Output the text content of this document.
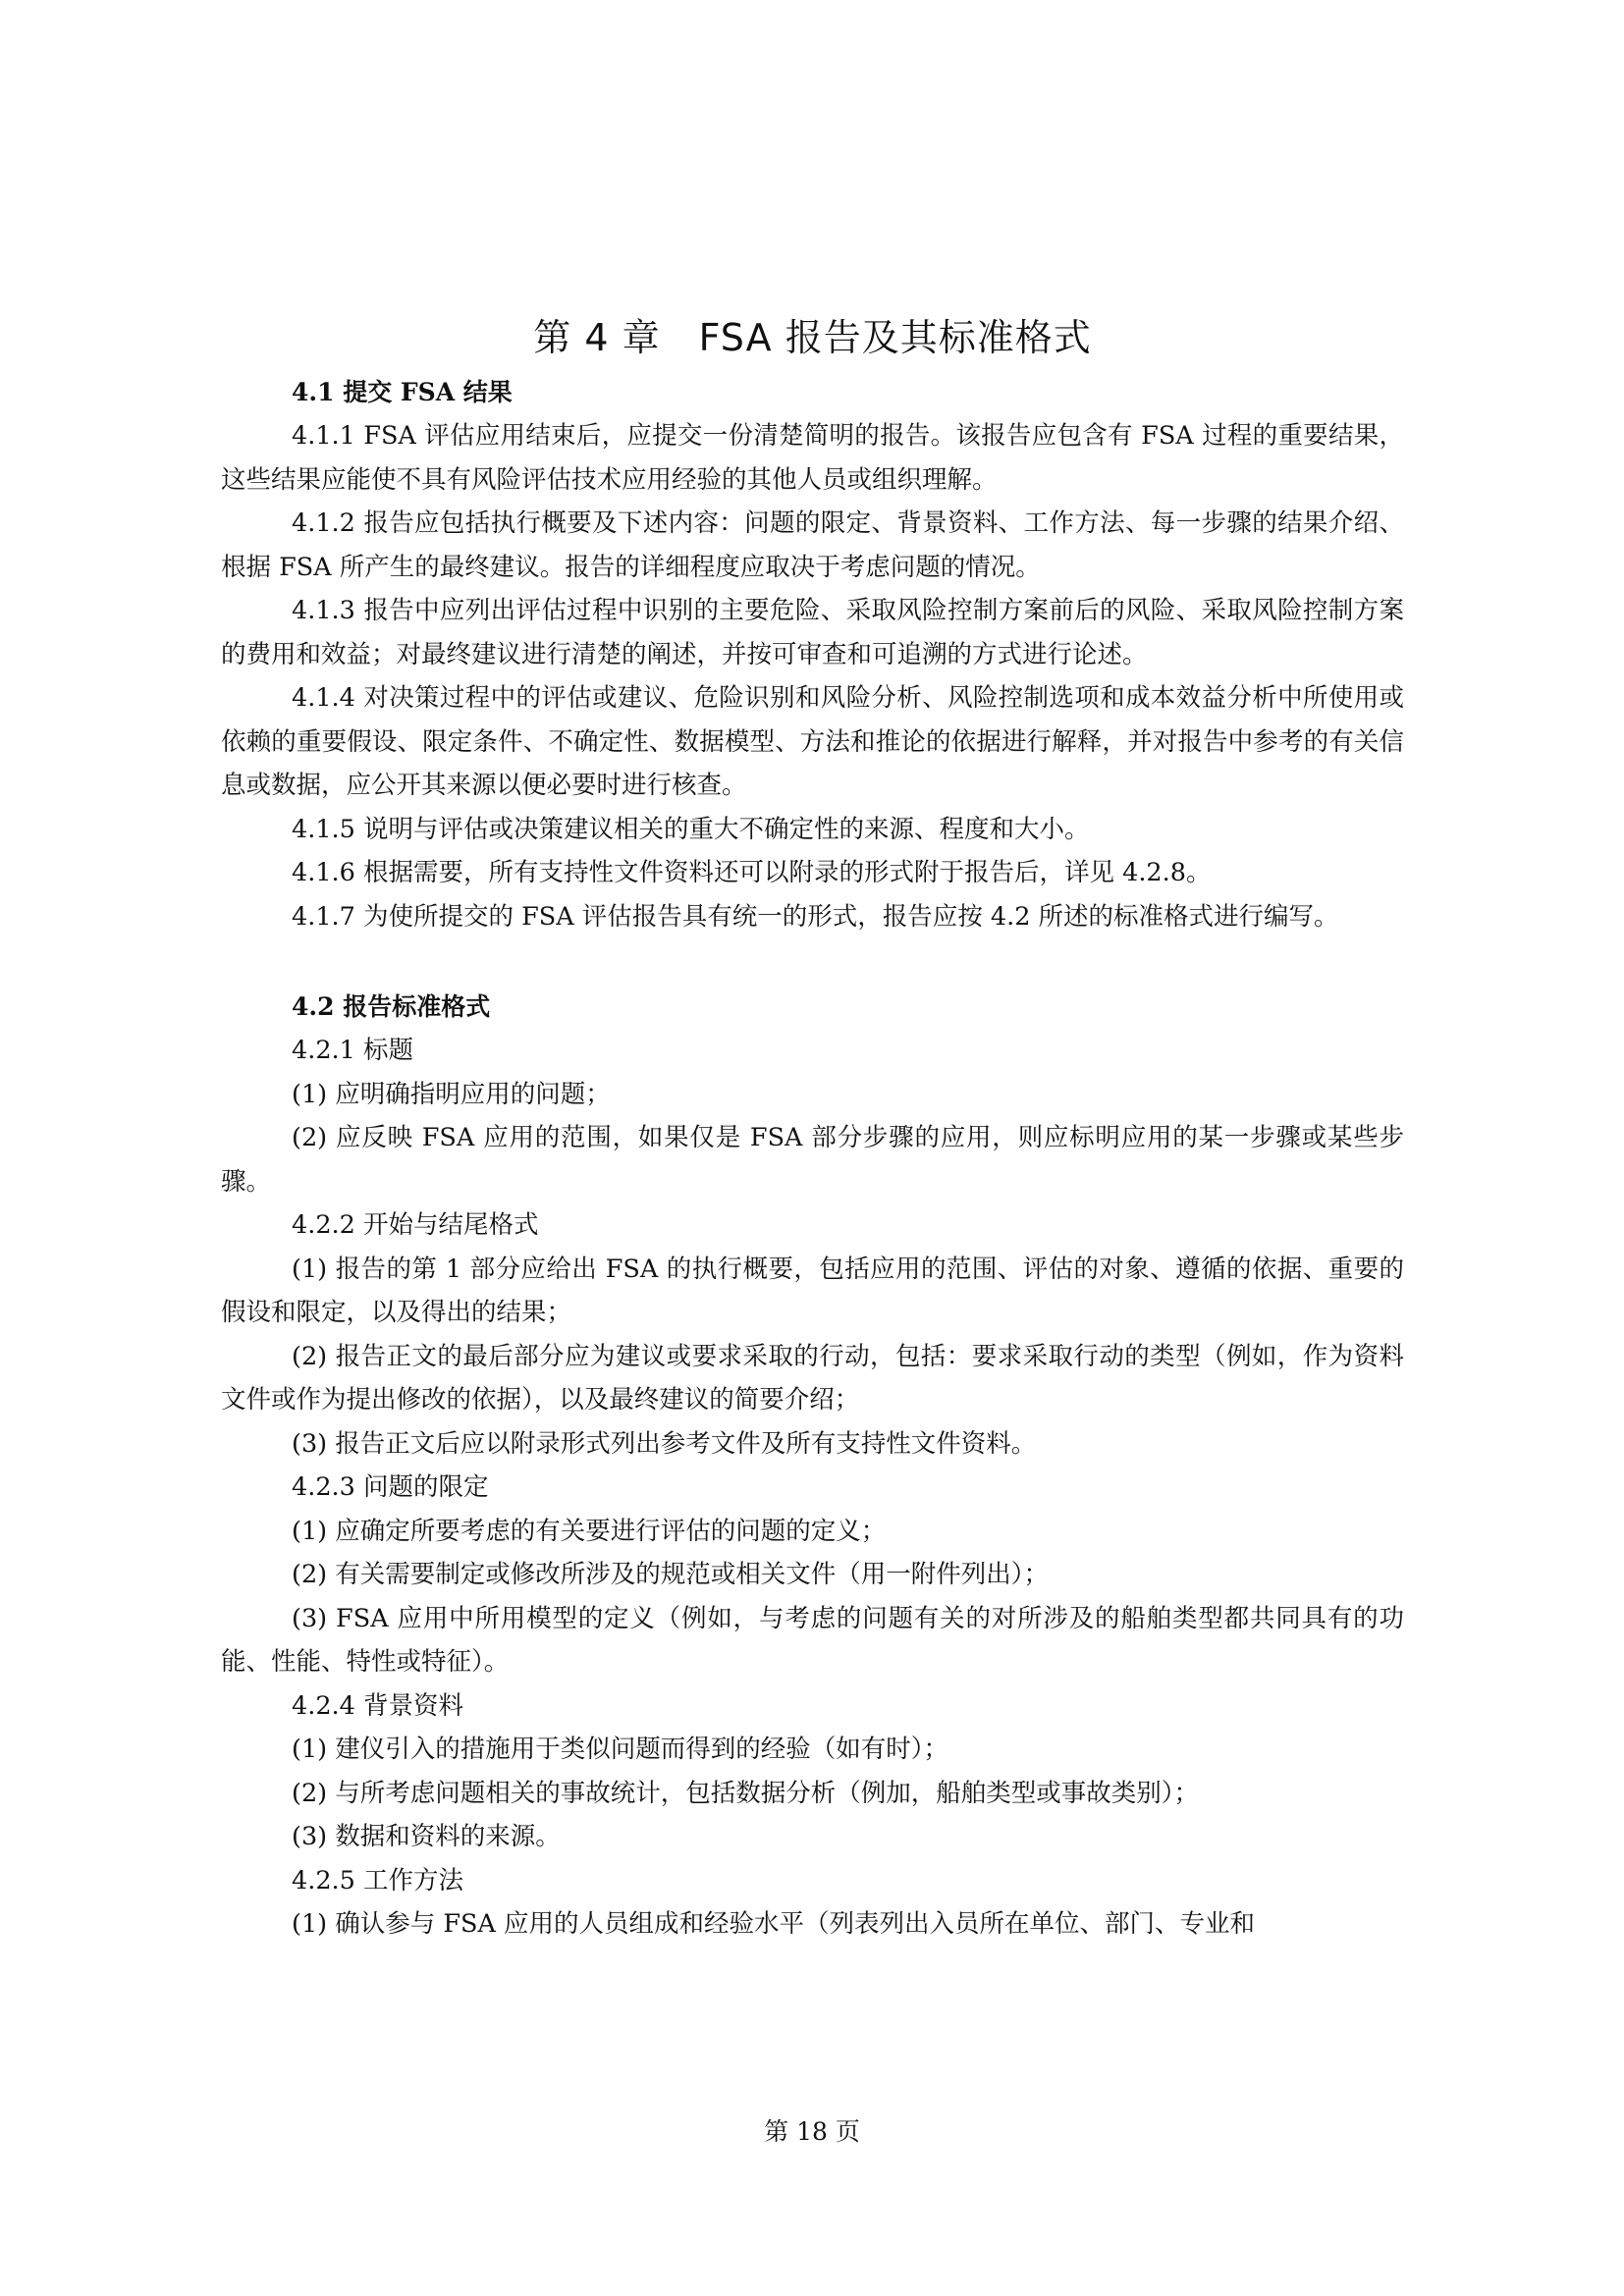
第 4 章　FSA 报告及其标准格式
4.1 提交 FSA 结果

4.1.1 FSA 评估应用结束后，应提交一份清楚简明的报告。该报告应包含有 FSA 过程的重要结果，这些结果应能使不具有风险评估技术应用经验的其他人员或组织理解。

4.1.2 报告应包括执行概要及下述内容：问题的限定、背景资料、工作方法、每一步骤的结果介绍、根据 FSA 所产生的最终建议。报告的详细程度应取决于考虑问题的情况。

4.1.3 报告中应列出评估过程中识别的主要危险、采取风险控制方案前后的风险、采取风险控制方案的费用和效益；对最终建议进行清楚的阐述，并按可审查和可追溯的方式进行论述。

4.1.4 对决策过程中的评估或建议、危险识别和风险分析、风险控制选项和成本效益分析中所使用或依赖的重要假设、限定条件、不确定性、数据模型、方法和推论的依据进行解释，并对报告中参考的有关信息或数据，应公开其来源以便必要时进行核查。

4.1.5 说明与评估或决策建议相关的重大不确定性的来源、程度和大小。

4.1.6 根据需要，所有支持性文件资料还可以附录的形式附于报告后，详见 4.2.8。

4.1.7 为使所提交的 FSA 评估报告具有统一的形式，报告应按 4.2 所述的标准格式进行编写。

4.2 报告标准格式

4.2.1 标题

(1) 应明确指明应用的问题；

(2) 应反映 FSA 应用的范围，如果仅是 FSA 部分步骤的应用，则应标明应用的某一步骤或某些步骤。

4.2.2 开始与结尾格式

(1) 报告的第 1 部分应给出 FSA 的执行概要，包括应用的范围、评估的对象、遵循的依据、重要的假设和限定，以及得出的结果；

(2) 报告正文的最后部分应为建议或要求采取的行动，包括：要求采取行动的类型（例如，作为资料文件或作为提出修改的依据），以及最终建议的简要介绍；

(3) 报告正文后应以附录形式列出参考文件及所有支持性文件资料。

4.2.3 问题的限定

(1) 应确定所要考虑的有关要进行评估的问题的定义；

(2) 有关需要制定或修改所涉及的规范或相关文件（用一附件列出）；

(3) FSA 应用中所用模型的定义（例如，与考虑的问题有关的对所涉及的船舶类型都共同具有的功能、性能、特性或特征）。

4.2.4 背景资料

(1) 建仪引入的措施用于类似问题而得到的经验（如有时）；

(2) 与所考虑问题相关的事故统计，包括数据分析（例加，船舶类型或事故类别）；

(3) 数据和资料的来源。

4.2.5 工作方法

(1) 确认参与 FSA 应用的人员组成和经验水平（列表列出入员所在单位、部门、专业和

第 18 页
